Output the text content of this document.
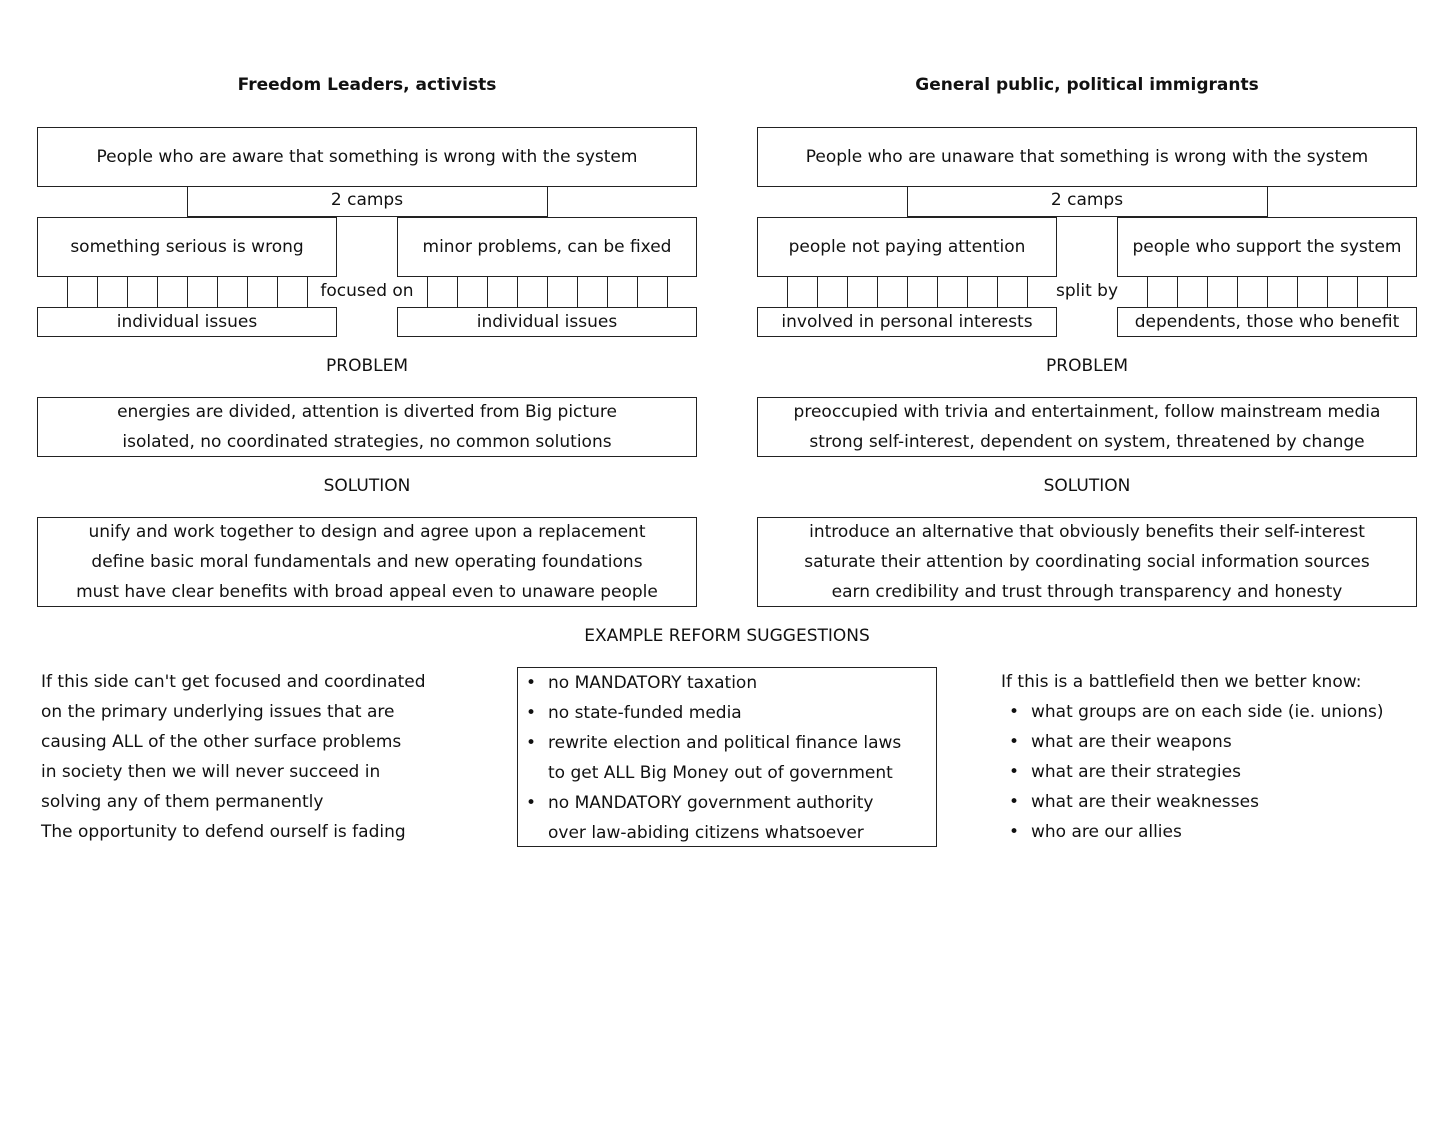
Freedom Leaders, activists
People who are aware that something is wrong with the system
2 camps
something serious is wrong	minor problems, can be fixed
focused on
individual issues	individual issues
PROBLEM
energies are divided, attention is diverted from Big picture
isolated, no coordinated strategies, no common solutions
SOLUTION
unify and work together to design and agree upon a replacement
define basic moral fundamentals and new operating foundations
must have clear benefits with broad appeal even to unaware people
General public, political immigrants
People who are unaware that something is wrong with the system
2 camps
people not paying attention	people who support the system
split by
involved in personal interests	dependents, those who benefit
PROBLEM
preoccupied with trivia and entertainment, follow mainstream media
strong self-interest, dependent on system, threatened by change
SOLUTION
introduce an alternative that obviously benefits their self-interest
saturate their attention by coordinating social information sources
earn credibility and trust through transparency and honesty
EXAMPLE REFORM SUGGESTIONS
If this side can't get focused and coordinated
on the primary underlying issues that are
causing ALL of the other surface problems
in society then we will never succeed in
solving any of them permanently
The opportunity to defend ourself is fading
• no MANDATORY taxation
• no state-funded media
• rewrite election and political finance laws
to get ALL Big Money out of government
• no MANDATORY government authority
over law-abiding citizens whatsoever
If this is a battlefield then we better know:
• what groups are on each side (ie. unions)
• what are their weapons
• what are their strategies
• what are their weaknesses
• who are our allies
